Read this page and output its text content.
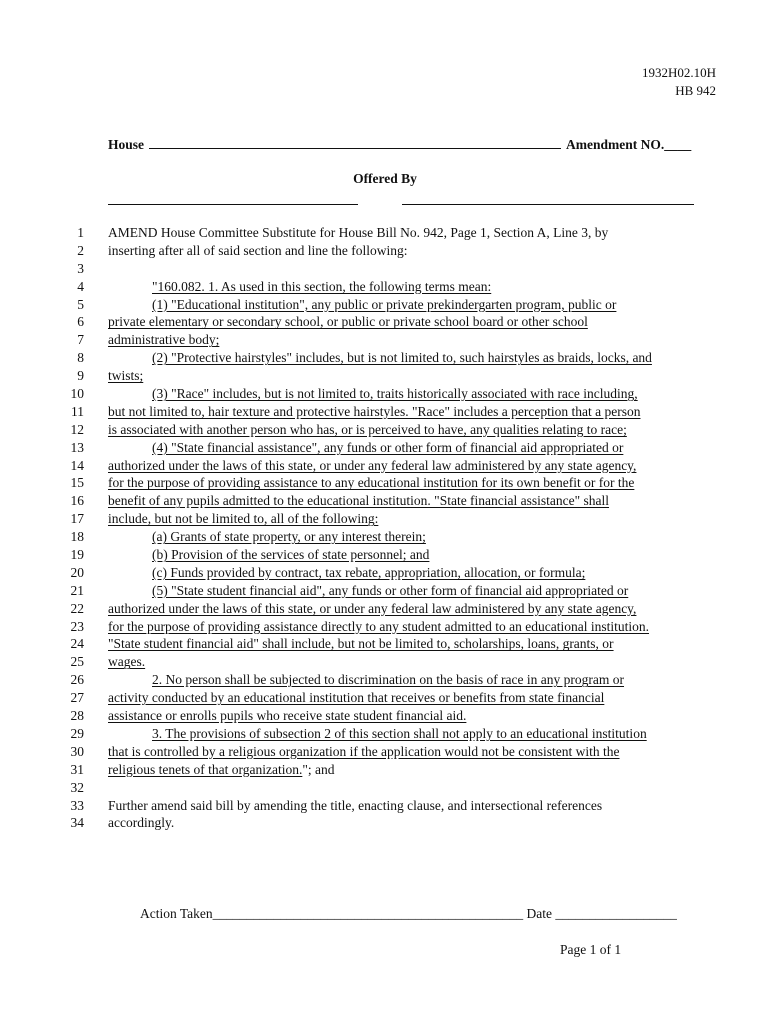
1932H02.10H
HB 942
House	Amendment NO.____
Offered By
1 AMEND House Committee Substitute for House Bill No. 942, Page 1, Section A, Line 3, by
2 inserting after all of said section and line the following:
3
4	"160.082. 1. As used in this section, the following terms mean:
5	(1) "Educational institution", any public or private prekindergarten program, public or
6 private elementary or secondary school, or public or private school board or other school
7 administrative body;
8	(2) "Protective hairstyles" includes, but is not limited to, such hairstyles as braids, locks, and
9 twists;
10	(3) "Race" includes, but is not limited to, traits historically associated with race including,
11 but not limited to, hair texture and protective hairstyles. "Race" includes a perception that a person
12 is associated with another person who has, or is perceived to have, any qualities relating to race;
13	(4) "State financial assistance", any funds or other form of financial aid appropriated or
14 authorized under the laws of this state, or under any federal law administered by any state agency,
15 for the purpose of providing assistance to any educational institution for its own benefit or for the
16 benefit of any pupils admitted to the educational institution. "State financial assistance" shall
17 include, but not be limited to, all of the following:
18	(a) Grants of state property, or any interest therein;
19	(b) Provision of the services of state personnel; and
20	(c) Funds provided by contract, tax rebate, appropriation, allocation, or formula;
21	(5) "State student financial aid", any funds or other form of financial aid appropriated or
22 authorized under the laws of this state, or under any federal law administered by any state agency,
23 for the purpose of providing assistance directly to any student admitted to an educational institution.
24 "State student financial aid" shall include, but not be limited to, scholarships, loans, grants, or
25 wages.
26	2. No person shall be subjected to discrimination on the basis of race in any program or
27 activity conducted by an educational institution that receives or benefits from state financial
28 assistance or enrolls pupils who receive state student financial aid.
29	3. The provisions of subsection 2 of this section shall not apply to an educational institution
30 that is controlled by a religious organization if the application would not be consistent with the
31 religious tenets of that organization."; and
32
33 Further amend said bill by amending the title, enacting clause, and intersectional references
34 accordingly.
Action Taken______________________________________________ Date __________________
Page 1 of 1
